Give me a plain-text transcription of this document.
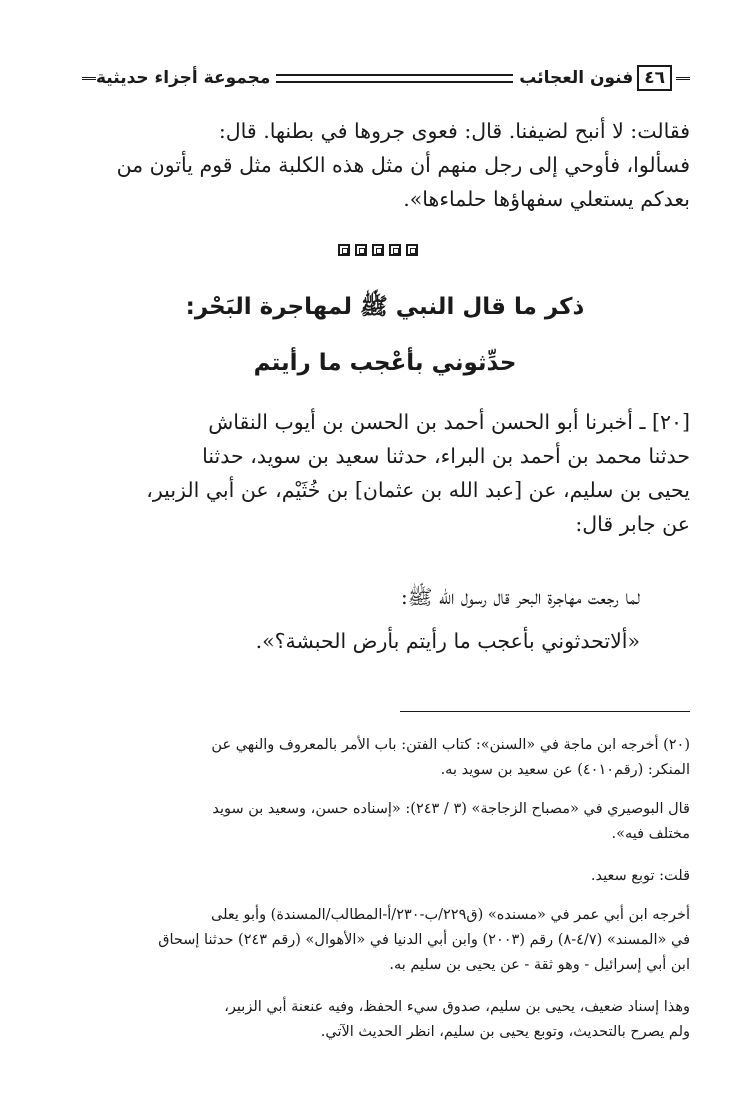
مجموعة أجزاء حديثية	فنون العجائب ٤٦
فقالت: لا أنبح لضيفنا. قال: فعوى جروها في بطنها. قال:
فسألوا، فأوحي إلى رجل منهم أن مثل هذه الكلبة مثل قوم يأتون من
بعدكم يستعلي سفهاؤها حلماءها».
ذكر ما قال النبي ﷺ لمهاجرة البَحْر:
حدِّثوني بأعْجب ما رأيتم
[٢٠] ـ أخبرنا أبو الحسن أحمد بن الحسن بن أيوب النقاش
حدثنا محمد بن أحمد بن البراء، حدثنا سعيد بن سويد، حدثنا
يحيى بن سليم، عن [عبد الله بن عثمان] بن خُثَيْم، عن أبي الزبير،
عن جابر قال:
لما رجعت مهاجرة البحر قال رسول الله ﷺ:
«ألاتحدثوني بأعجب ما رأيتم بأرض الحبشة؟».
(٢٠) أخرجه ابن ماجة في «السنن»: كتاب الفتن: باب الأمر بالمعروف والنهي عن
المنكر: (رقم٤٠١٠) عن سعيد بن سويد به.
قال البوصيري في «مصباح الزجاجة» (٣ / ٢٤٣): «إسناده حسن، وسعيد بن سويد
مختلف فيه».
قلت: توبع سعيد.
أخرجه ابن أبي عمر في «مسنده» (ق٢٢٩/ب-٢٣٠/أ-المطالب/المسندة) وأبو يعلى
في «المسند» (٤/٧-٨) رقم (٢٠٠٣) وابن أبي الدنيا في «الأهوال» (رقم ٢٤٣) حدثنا إسحاق
ابن أبي إسرائيل - وهو ثقة - عن يحيى بن سليم به.
وهذا إسناد ضعيف، يحيى بن سليم، صدوق سيء الحفظ، وفيه عنعنة أبي الزبير،
ولم يصرح بالتحديث، وتوبع يحيى بن سليم، انظر الحديث الآتي.
